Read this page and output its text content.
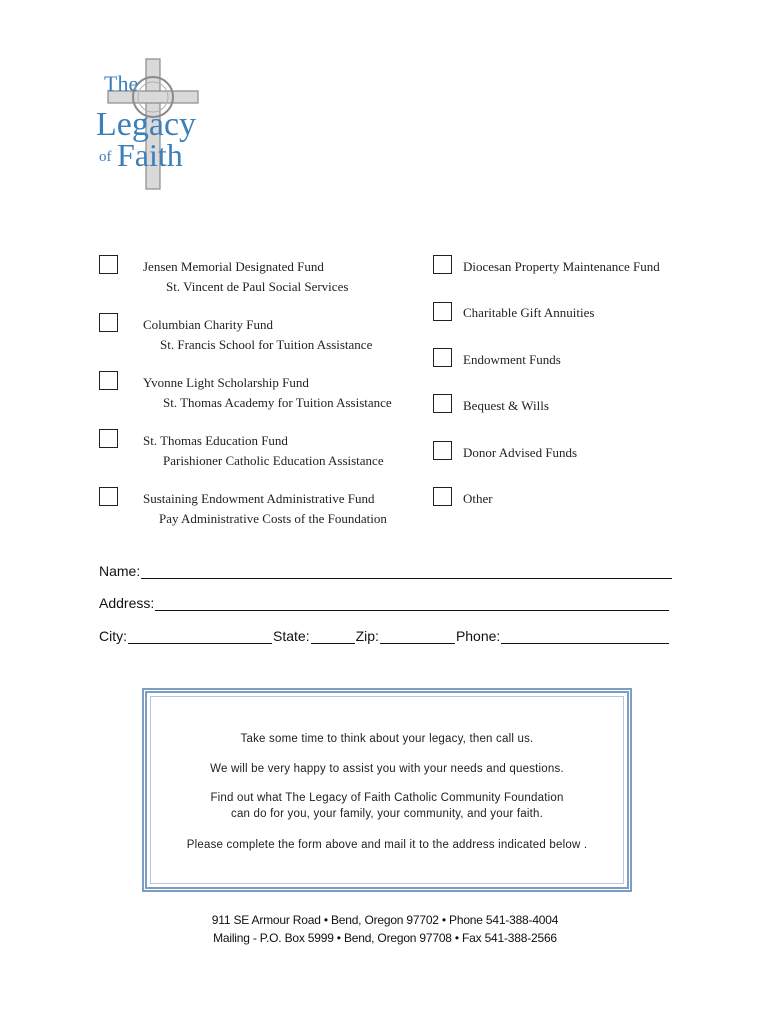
The
Legacy
of Faith
Jensen Memorial Designated Fund
St. Vincent de Paul Social Services
Columbian Charity Fund
St. Francis School for Tuition Assistance
Yvonne Light Scholarship Fund
St. Thomas Academy for Tuition Assistance
St. Thomas Education Fund
Parishioner Catholic Education Assistance
Sustaining Endowment Administrative Fund
Pay Administrative Costs of the Foundation
Diocesan Property Maintenance Fund
Charitable Gift Annuities
Endowment Funds
Bequest & Wills
Donor Advised Funds
Other
Name:
Address:
City:	State:	Zip:	Phone:
Take some time to think about your legacy, then call us.
We will be very happy to assist you with your needs and questions.
Find out what The Legacy of Faith Catholic Community Foundation
can do for you, your family, your community, and your faith.
Please complete the form above and mail it to the address indicated below .
911 SE Armour Road • Bend, Oregon 97702 • Phone 541-388-4004
Mailing - P.O. Box 5999 • Bend, Oregon 97708 • Fax 541-388-2566
